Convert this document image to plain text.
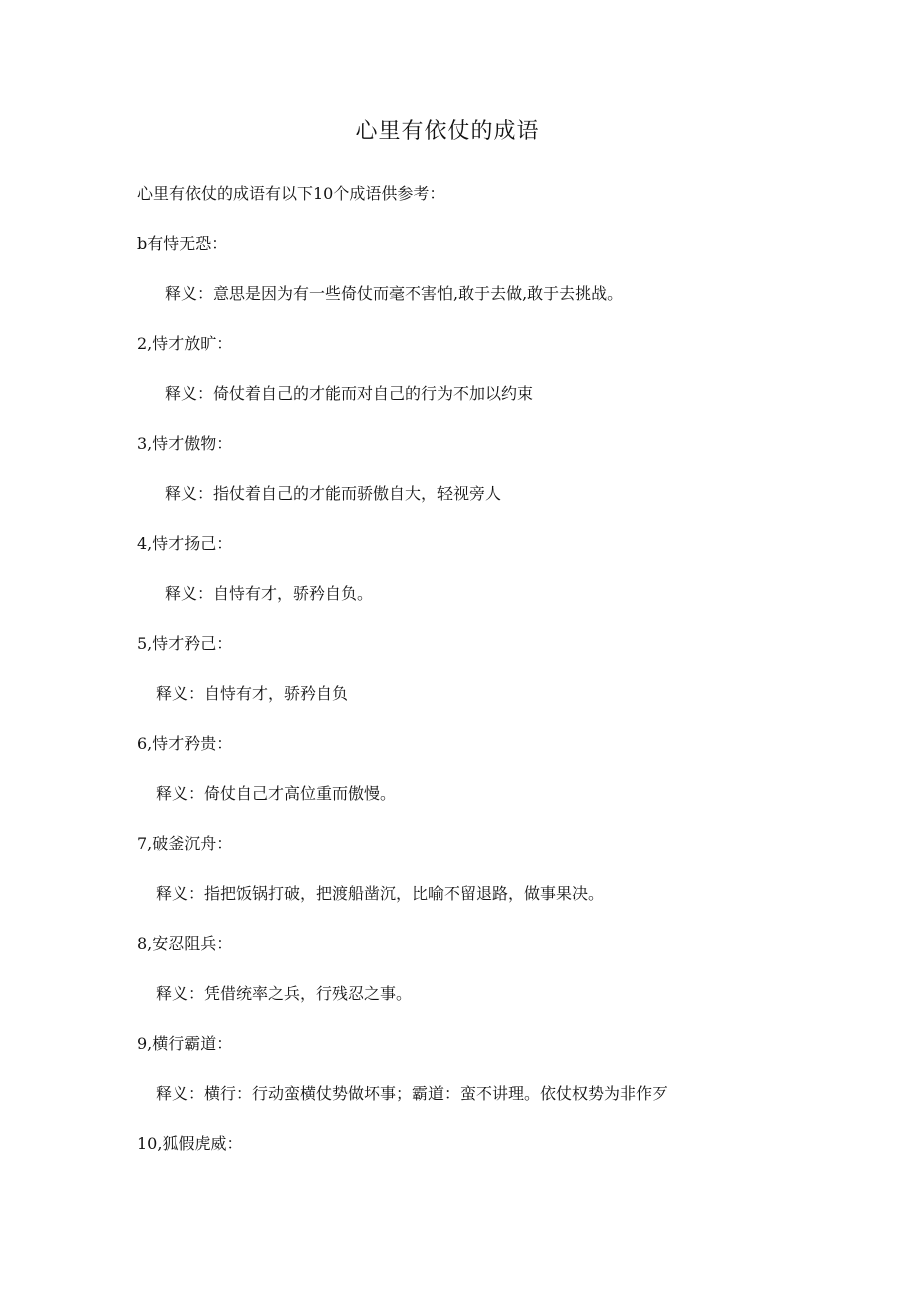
心里有依仗的成语

心里有依仗的成语有以下10个成语供参考：

b有恃无恐：

释义：意思是因为有一些倚仗而毫不害怕,敢于去做,敢于去挑战。

2,恃才放旷：

释义：倚仗着自己的才能而对自己的行为不加以约束

3,恃才傲物：

释义：指仗着自己的才能而骄傲自大，轻视旁人

4,恃才扬己：

释义：自恃有才，骄矜自负。

5,恃才矜己：

释义：自恃有才，骄矜自负

6,恃才矜贵：

释义：倚仗自己才高位重而傲慢。

7,破釜沉舟：

释义：指把饭锅打破，把渡船凿沉，比喻不留退路，做事果决。

8,安忍阻兵：

释义：凭借统率之兵，行残忍之事。

9,横行霸道：

释义：横行：行动蛮横仗势做坏事；霸道：蛮不讲理。依仗权势为非作歹

10,狐假虎威：
